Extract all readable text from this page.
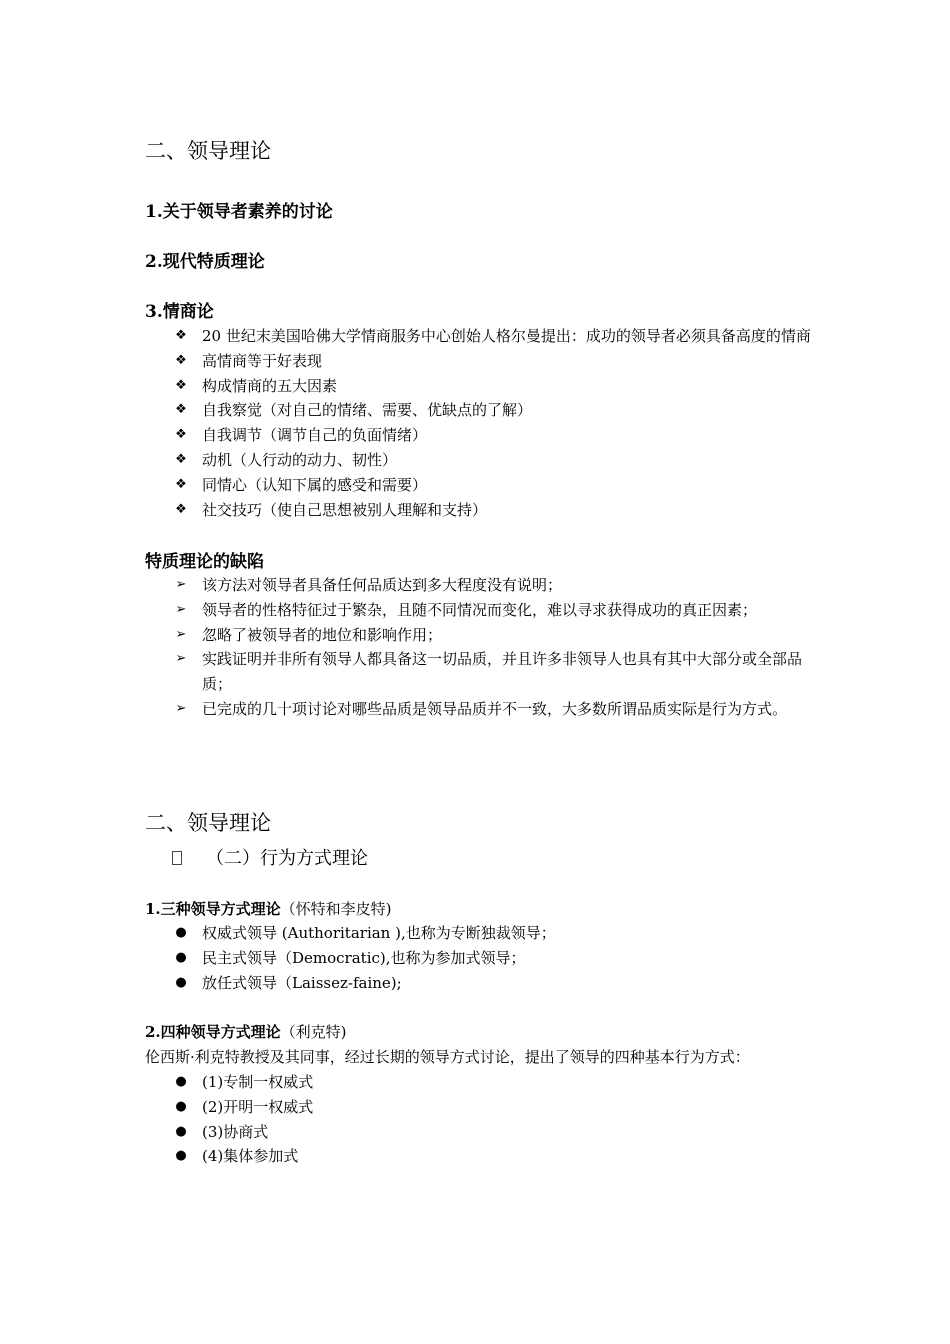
二、领导理论
1.关于领导者素养的讨论
2.现代特质理论
3.情商论
❖ 20 世纪末美国哈佛大学情商服务中心创始人格尔曼提出：成功的领导者必须具备高度的情商
❖ 高情商等于好表现
❖ 构成情商的五大因素
❖ 自我察觉（对自己的情绪、需要、优缺点的了解）
❖ 自我调节（调节自己的负面情绪）
❖ 动机（人行动的动力、韧性）
❖ 同情心（认知下属的感受和需要）
❖ 社交技巧（使自己思想被别人理解和支持）
特质理论的缺陷
➢	该方法对领导者具备任何品质达到多大程度没有说明；
➢	领导者的性格特征过于繁杂，且随不同情况而变化，难以寻求获得成功的真正因素；
➢	忽略了被领导者的地位和影响作用；
➢	实践证明并非所有领导人都具备这一切品质，并且许多非领导人也具有其中大部分或全部品质；
➢	已完成的几十项讨论对哪些品质是领导品质并不一致，大多数所谓品质实际是行为方式。
二、领导理论
（二）行为方式理论
1.三种领导方式理论（怀特和李皮特)
● 权威式领导 (Authoritarian ),也称为专断独裁领导；
● 民主式领导（Democratic),也称为参加式领导；
● 放任式领导（Laissez-faine);
2.四种领导方式理论（利克特)
伦西斯·利克特教授及其同事，经过长期的领导方式讨论，提出了领导的四种基本行为方式：
● (1)专制一权威式
● (2)开明一权威式
● (3)协商式
● (4)集体参加式
